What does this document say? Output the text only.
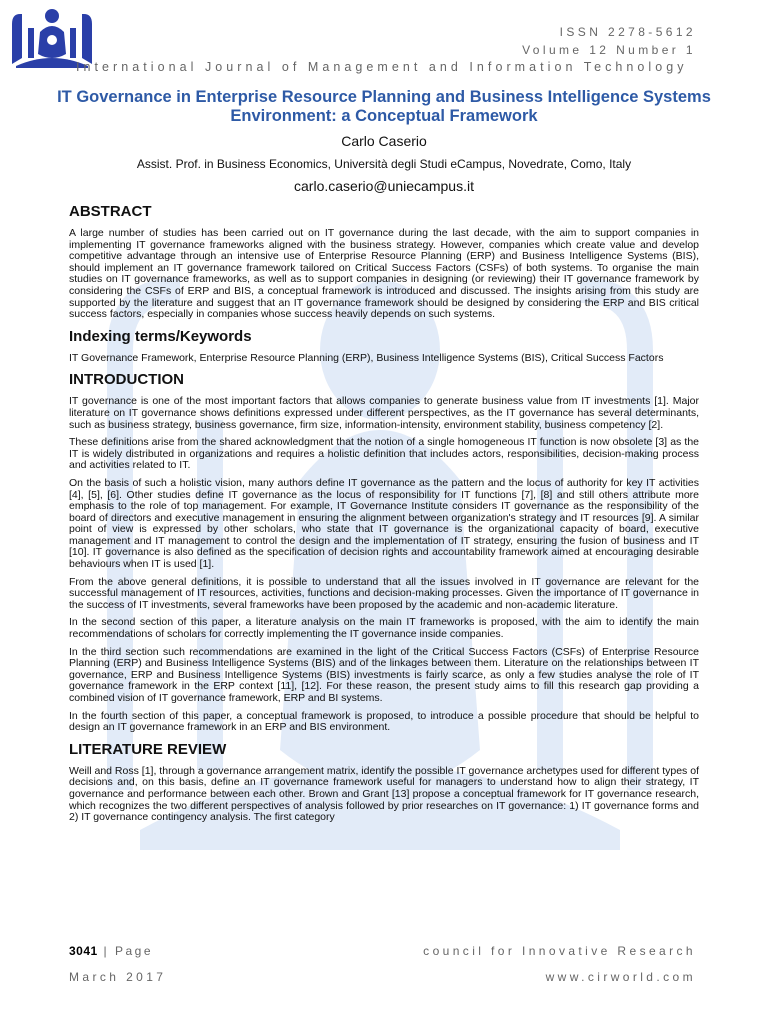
ISSN 2278-5612
Volume 12 Number 1
International Journal of Management and Information Technology
IT Governance in Enterprise Resource Planning and Business Intelligence Systems Environment: a Conceptual Framework
Carlo Caserio
Assist. Prof. in Business Economics, Università degli Studi eCampus, Novedrate, Como, Italy
carlo.caserio@uniecampus.it
ABSTRACT

A large number of studies has been carried out on IT governance during the last decade, with the aim to support companies in implementing IT governance frameworks aligned with the business strategy. However, companies which create value and develop competitive advantage through an intensive use of Enterprise Resource Planning (ERP) and Business Intelligence Systems (BIS), should implement an IT governance framework tailored on Critical Success Factors (CSFs) of both systems. To organise the main studies on IT governance frameworks, as well as to support companies in designing (or reviewing) their IT governance framework by considering the CSFs of ERP and BIS, a conceptual framework is introduced and discussed. The insights arising from this study are supported by the literature and suggest that an IT governance framework should be designed by considering the ERP and BIS critical success factors, especially in companies whose success heavily depends on such systems.

Indexing terms/Keywords

IT Governance Framework, Enterprise Resource Planning (ERP), Business Intelligence Systems (BIS), Critical Success Factors

INTRODUCTION

IT governance is one of the most important factors that allows companies to generate business value from IT investments [1]. Major literature on IT governance shows definitions expressed under different perspectives, as the IT governance has several determinants, such as business strategy, business governance, firm size, information-intensity, environment stability, business competency [2].

These definitions arise from the shared acknowledgment that the notion of a single homogeneous IT function is now obsolete [3] as the IT is widely distributed in organizations and requires a holistic definition that includes actors, responsibilities, decision-making process and activities related to IT.

On the basis of such a holistic vision, many authors define IT governance as the pattern and the locus of authority for key IT activities [4], [5], [6]. Other studies define IT governance as the locus of responsibility for IT functions [7], [8] and still others attribute more emphasis to the role of top management. For example, IT Governance Institute considers IT governance as the responsibility of the board of directors and executive management in ensuring the alignment between organization's strategy and IT resources [9]. A similar point of view is expressed by other scholars, who state that IT governance is the organizational capacity of board, executive management and IT management to control the design and the implementation of IT strategy, ensuring the fusion of business and IT [10]. IT governance is also defined as the specification of decision rights and accountability framework aimed at encouraging desirable behaviours when IT is used [1].

From the above general definitions, it is possible to understand that all the issues involved in IT governance are relevant for the successful management of IT resources, activities, functions and decision-making processes. Given the importance of IT governance in the success of IT investments, several frameworks have been proposed by the academic and non-academic literature.

In the second section of this paper, a literature analysis on the main IT frameworks is proposed, with the aim to identify the main recommendations of scholars for correctly implementing the IT governance inside companies.

In the third section such recommendations are examined in the light of the Critical Success Factors (CSFs) of Enterprise Resource Planning (ERP) and Business Intelligence Systems (BIS) and of the linkages between them. Literature on the relationships between IT governance, ERP and Business Intelligence Systems (BIS) investments is fairly scarce, as only a few studies analyse the role of IT governance framework in the ERP context [11], [12]. For these reason, the present study aims to fill this research gap providing a combined vision of IT governance framework, ERP and BI systems.

In the fourth section of this paper, a conceptual framework is proposed, to introduce a possible procedure that should be helpful to design an IT governance framework in an ERP and BIS environment.

LITERATURE REVIEW

Weill and Ross [1], through a governance arrangement matrix, identify the possible IT governance archetypes used for different types of decisions and, on this basis, define an IT governance framework useful for managers to understand how to align their strategy, IT governance and performance between each other. Brown and Grant [13] propose a conceptual framework for IT governance research, which recognizes the two different perspectives of analysis followed by prior researches on IT governance: 1) IT governance forms and 2) IT governance contingency analysis. The first category

3041 | Page	council for Innovative Research
March 2017	www.cirworld.com
